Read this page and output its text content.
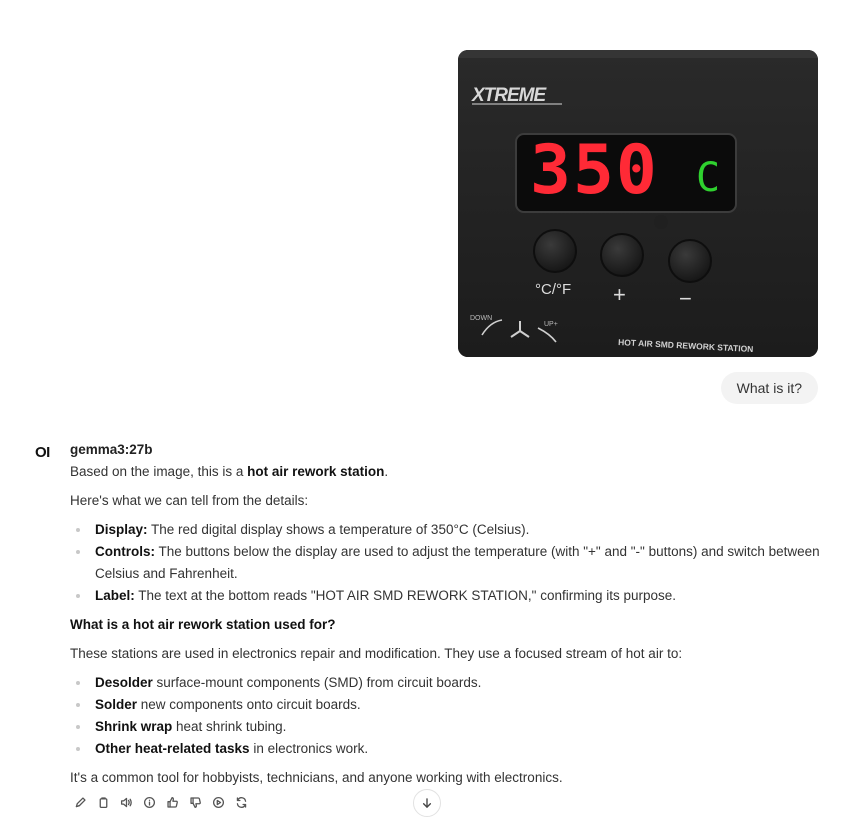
XTREME
350 C
°C/°F + −
DOWN
UP+
HOT AIR SMD REWORK STATION
What is it?
OI gemma3:27b

Based on the image, this is a hot air rework station.

Here's what we can tell from the details:

Display: The red digital display shows a temperature of 350°C (Celsius).
Controls: The buttons below the display are used to adjust the temperature (with "+" and "-" buttons) and switch between Celsius and Fahrenheit.
Label: The text at the bottom reads "HOT AIR SMD REWORK STATION," confirming its purpose.
What is a hot air rework station used for?

These stations are used in electronics repair and modification. They use a focused stream of hot air to:

Desolder surface-mount components (SMD) from circuit boards.
Solder new components onto circuit boards.
Shrink wrap heat shrink tubing.
Other heat-related tasks in electronics work.

It's a common tool for hobbyists, technicians, and anyone working with electronics.
